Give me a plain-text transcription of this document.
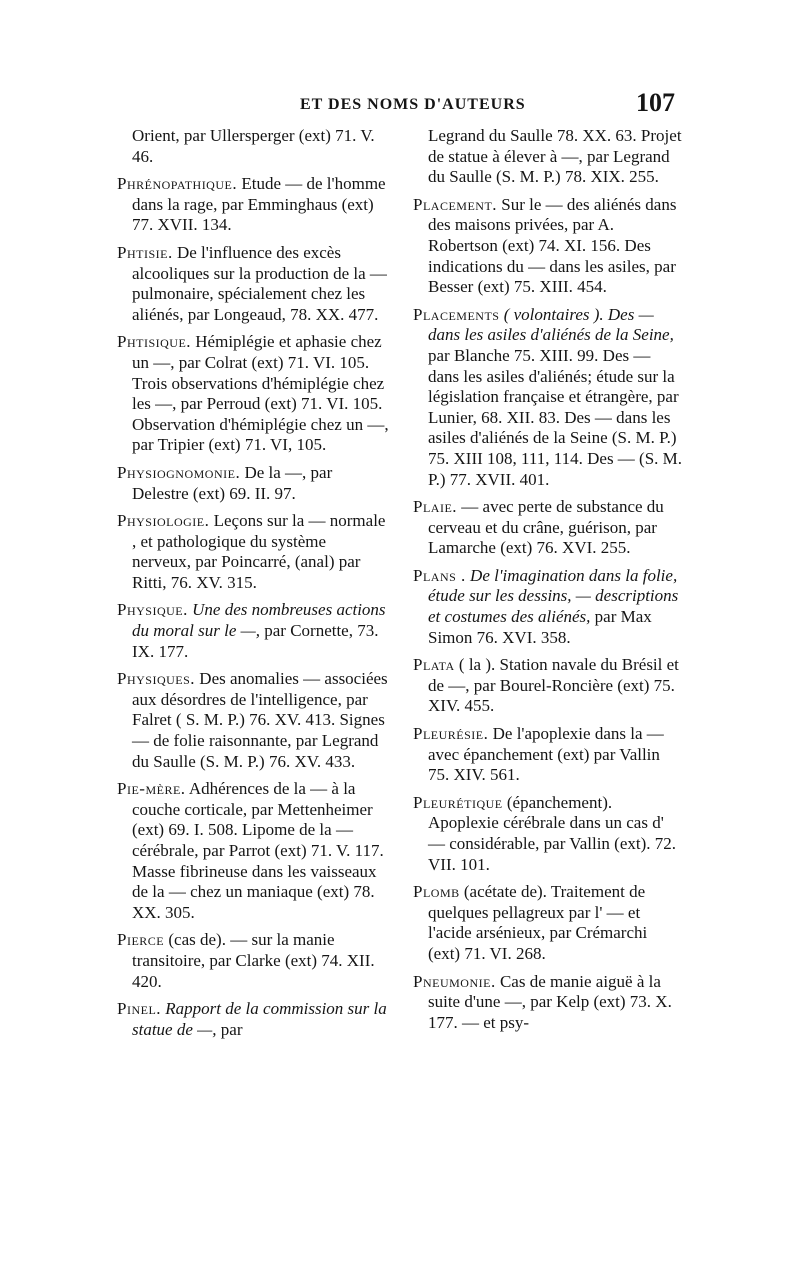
ET DES NOMS D'AUTEURS	107

Orient, par Ullersperger (ext) 71. V. 46.

Phrénopathique. Etude — de l'homme dans la rage, par Emminghaus (ext) 77. XVII. 134.

Phtisie. De l'influence des excès alcooliques sur la production de la — pulmonaire, spécialement chez les aliénés, par Longeaud, 78. XX. 477.

Phtisique. Hémiplégie et aphasie chez un —, par Colrat (ext) 71. VI. 105. Trois observations d'hémiplégie chez les —, par Perroud (ext) 71. VI. 105. Observation d'hémiplégie chez un —, par Tripier (ext) 71. VI, 105.

Physiognomonie. De la —, par Delestre (ext) 69. II. 97.

Physiologie. Leçons sur la — normale , et pathologique du système nerveux, par Poincarré, (anal) par Ritti, 76. XV. 315.

Physique. Une des nombreuses actions du moral sur le —, par Cornette, 73. IX. 177.

Physiques. Des anomalies — associées aux désordres de l'intelligence, par Falret ( S. M. P.) 76. XV. 413. Signes — de folie raisonnante, par Legrand du Saulle (S. M. P.) 76. XV. 433.

Pie-mère. Adhérences de la — à la couche corticale, par Mettenheimer (ext) 69. I. 508. Lipome de la — cérébrale, par Parrot (ext) 71. V. 117. Masse fibrineuse dans les vaisseaux de la — chez un maniaque (ext) 78. XX. 305.

Pierce (cas de). — sur la manie transitoire, par Clarke (ext) 74. XII. 420.

Pinel. Rapport de la commission sur la statue de —, par

Legrand du Saulle 78. XX. 63. Projet de statue à élever à —, par Legrand du Saulle (S. M. P.) 78. XIX. 255.

Placement. Sur le — des aliénés dans des maisons privées, par A. Robertson (ext) 74. XI. 156. Des indications du — dans les asiles, par Besser (ext) 75. XIII. 454.

Placements ( volontaires ). Des — dans les asiles d'aliénés de la Seine, par Blanche 75. XIII. 99. Des — dans les asiles d'aliénés; étude sur la législation française et étrangère, par Lunier, 68. XII. 83. Des — dans les asiles d'aliénés de la Seine (S. M. P.) 75. XIII 108, 111, 114. Des — (S. M. P.) 77. XVII. 401.

Plaie. — avec perte de substance du cerveau et du crâne, guérison, par Lamarche (ext) 76. XVI. 255.

Plans . De l'imagination dans la folie, étude sur les dessins, — descriptions et costumes des aliénés, par Max Simon 76. XVI. 358.

Plata ( la ). Station navale du Brésil et de —, par Bourel-Roncière (ext) 75. XIV. 455.

Pleurésie. De l'apoplexie dans la — avec épanchement (ext) par Vallin 75. XIV. 561.

Pleurétique (épanchement). Apoplexie cérébrale dans un cas d' — considérable, par Vallin (ext). 72. VII. 101.

Plomb (acétate de). Traitement de quelques pellagreux par l' — et l'acide arsénieux, par Crémarchi (ext) 71. VI. 268.

Pneumonie. Cas de manie aiguë à la suite d'une —, par Kelp (ext) 73. X. 177. — et psy-
